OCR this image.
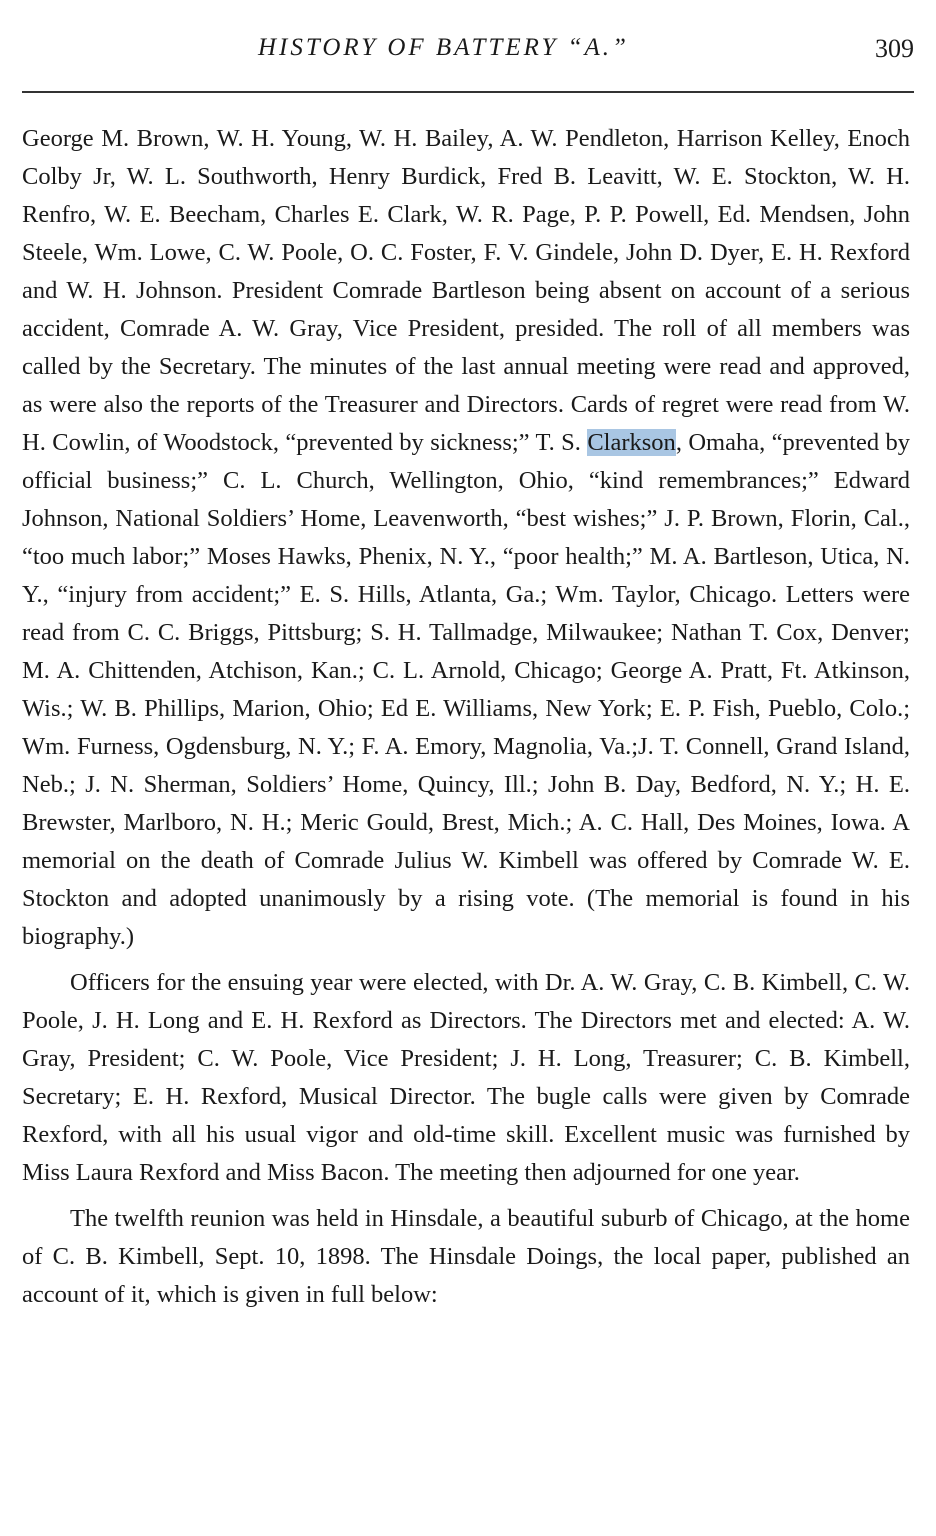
HISTORY OF BATTERY “A.”	309

George M. Brown, W. H. Young, W. H. Bailey, A. W. Pendleton, Harrison Kelley, Enoch Colby Jr, W. L. Southworth, Henry Burdick, Fred B. Leavitt, W. E. Stockton, W. H. Renfro, W. E. Beecham, Charles E. Clark, W. R. Page, P. P. Powell, Ed. Mendsen, John Steele, Wm. Lowe, C. W. Poole, O. C. Foster, F. V. Gindele, John D. Dyer, E. H. Rexford and W. H. Johnson. President Comrade Bartleson being absent on account of a serious accident, Comrade A. W. Gray, Vice President, presided. The roll of all members was called by the Secretary. The minutes of the last annual meeting were read and approved, as were also the reports of the Treasurer and Directors. Cards of regret were read from W. H. Cowlin, of Woodstock, “prevented by sickness;” T. S. Clarkson, Omaha, “prevented by official business;” C. L. Church, Wellington, Ohio, “kind remembrances;” Edward Johnson, National Soldiers’ Home, Leavenworth, “best wishes;” J. P. Brown, Florin, Cal., “too much labor;” Moses Hawks, Phenix, N. Y., “poor health;” M. A. Bartleson, Utica, N. Y., “injury from accident;” E. S. Hills, Atlanta, Ga.; Wm. Taylor, Chicago. Letters were read from C. C. Briggs, Pittsburg; S. H. Tallmadge, Milwaukee; Nathan T. Cox, Denver; M. A. Chittenden, Atchison, Kan.; C. L. Arnold, Chicago; George A. Pratt, Ft. Atkinson, Wis.; W. B. Phillips, Marion, Ohio; Ed E. Williams, New York; E. P. Fish, Pueblo, Colo.; Wm. Furness, Ogdensburg, N. Y.; F. A. Emory, Magnolia, Va.;J. T. Connell, Grand Island, Neb.; J. N. Sherman, Soldiers’ Home, Quincy, Ill.; John B. Day, Bedford, N. Y.; H. E. Brewster, Marlboro, N. H.; Meric Gould, Brest, Mich.; A. C. Hall, Des Moines, Iowa. A memorial on the death of Comrade Julius W. Kimbell was offered by Comrade W. E. Stockton and adopted unanimously by a rising vote. (The memorial is found in his biography.)

Officers for the ensuing year were elected, with Dr. A. W. Gray, C. B. Kimbell, C. W. Poole, J. H. Long and E. H. Rexford as Directors. The Directors met and elected: A. W. Gray, President; C. W. Poole, Vice President; J. H. Long, Treasurer; C. B. Kimbell, Secretary; E. H. Rexford, Musical Director. The bugle calls were given by Comrade Rexford, with all his usual vigor and old-time skill. Excellent music was furnished by Miss Laura Rexford and Miss Bacon. The meeting then adjourned for one year.

The twelfth reunion was held in Hinsdale, a beautiful suburb of Chicago, at the home of C. B. Kimbell, Sept. 10, 1898. The Hinsdale Doings, the local paper, published an account of it, which is given in full below:
